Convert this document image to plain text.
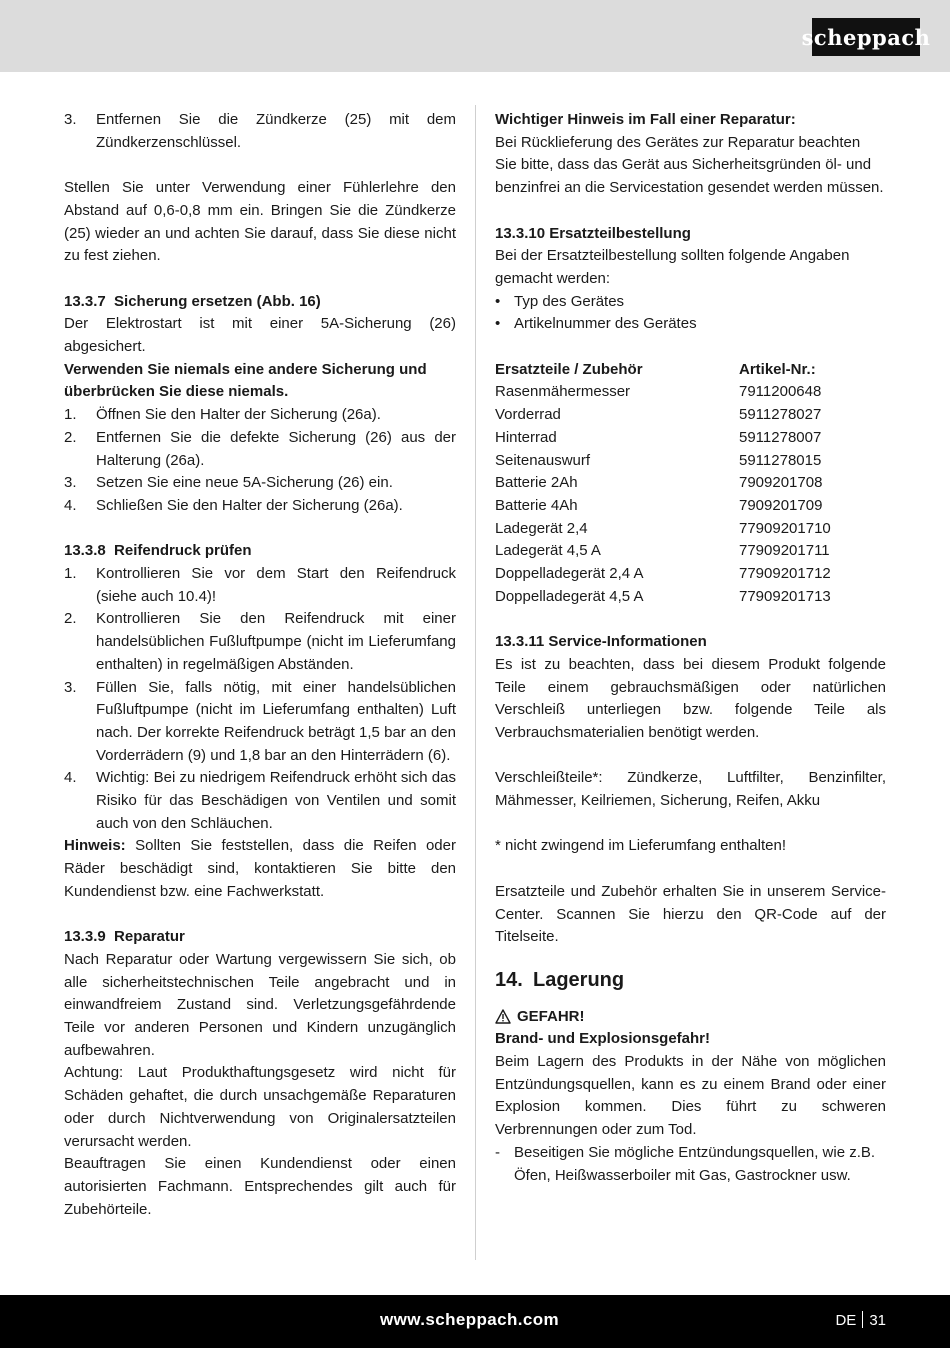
scheppach
3.	Entfernen Sie die Zündkerze (25) mit dem Zündkerzenschlüssel.

Stellen Sie unter Verwendung einer Fühlerlehre den Abstand auf 0,6-0,8 mm ein. Bringen Sie die Zündkerze (25) wieder an und achten Sie darauf, dass Sie diese nicht zu fest ziehen.

13.3.7  Sicherung ersetzen (Abb. 16)

Der Elektrostart ist mit einer 5A-Sicherung (26) abgesichert.

Verwenden Sie niemals eine andere Sicherung und überbrücken Sie diese niemals.

1.	Öffnen Sie den Halter der Sicherung (26a).
2.	Entfernen Sie die defekte Sicherung (26) aus der Halterung (26a).
3.	Setzen Sie eine neue 5A-Sicherung (26) ein.
4.	Schließen Sie den Halter der Sicherung (26a).

13.3.8  Reifendruck prüfen

1.	Kontrollieren Sie vor dem Start den Reifendruck (siehe auch 10.4)!
2.	Kontrollieren Sie den Reifendruck mit einer handelsüblichen Fußluftpumpe (nicht im Lieferumfang enthalten) in regelmäßigen Abständen.
3.	Füllen Sie, falls nötig, mit einer handelsüblichen Fußluftpumpe (nicht im Lieferumfang enthalten) Luft nach. Der korrekte Reifendruck beträgt 1,5 bar an den Vorderrädern (9) und 1,8 bar an den Hinterrädern (6).
4.	Wichtig: Bei zu niedrigem Reifendruck erhöht sich das Risiko für das Beschädigen von Ventilen und somit auch von den Schläuchen.

Hinweis: Sollten Sie feststellen, dass die Reifen oder Räder beschädigt sind, kontaktieren Sie bitte den Kundendienst bzw. eine Fachwerkstatt.

13.3.9  Reparatur

Nach Reparatur oder Wartung vergewissern Sie sich, ob alle sicherheitstechnischen Teile angebracht und in einwandfreiem Zustand sind. Verletzungsgefährdende Teile vor anderen Personen und Kindern unzugänglich aufbewahren.

Achtung: Laut Produkthaftungsgesetz wird nicht für Schäden gehaftet, die durch unsachgemäße Reparaturen oder durch Nichtverwendung von Originalersatzteilen verursacht werden.

Beauftragen Sie einen Kundendienst oder einen autorisierten Fachmann. Entsprechendes gilt auch für Zubehörteile.

Wichtiger Hinweis im Fall einer Reparatur:

Bei Rücklieferung des Gerätes zur Reparatur beachten Sie bitte, dass das Gerät aus Sicherheitsgründen öl- und benzinfrei an die Servicestation gesendet werden müssen.

13.3.10 Ersatzteilbestellung

Bei der Ersatzteilbestellung sollten folgende Angaben gemacht werden:

• Typ des Gerätes
• Artikelnummer des Gerätes
Ersatzteile / Zubehör	Artikel-Nr.:
Rasenmähermesser	7911200648
Vorderrad	5911278027
Hinterrad	5911278007
Seitenauswurf	5911278015
Batterie 2Ah	7909201708
Batterie 4Ah	7909201709
Ladegerät 2,4	77909201710
Ladegerät 4,5 A	77909201711
Doppelladegerät 2,4 A	77909201712
Doppelladegerät 4,5 A	77909201713

13.3.11 Service-Informationen

Es ist zu beachten, dass bei diesem Produkt folgende Teile einem gebrauchsmäßigen oder natürlichen Verschleiß unterliegen bzw. folgende Teile als Verbrauchsmaterialien benötigt werden.

Verschleißteile*: Zündkerze, Luftfilter, Benzinfilter, Mähmesser, Keilriemen, Sicherung, Reifen, Akku

* nicht zwingend im Lieferumfang enthalten!

Ersatzteile und Zubehör erhalten Sie in unserem Service-Center. Scannen Sie hierzu den QR-Code auf der Titelseite.

14. Lagerung
GEFAHR!

Brand- und Explosionsgefahr!

Beim Lagern des Produkts in der Nähe von möglichen Entzündungsquellen, kann es zu einem Brand oder einer Explosion kommen. Dies führt zu schweren Verbrennungen oder zum Tod.

- Beseitigen Sie mögliche Entzündungsquellen, wie z.B. Öfen, Heißwasserboiler mit Gas, Gastrockner usw.
www.scheppach.com	DE 31
